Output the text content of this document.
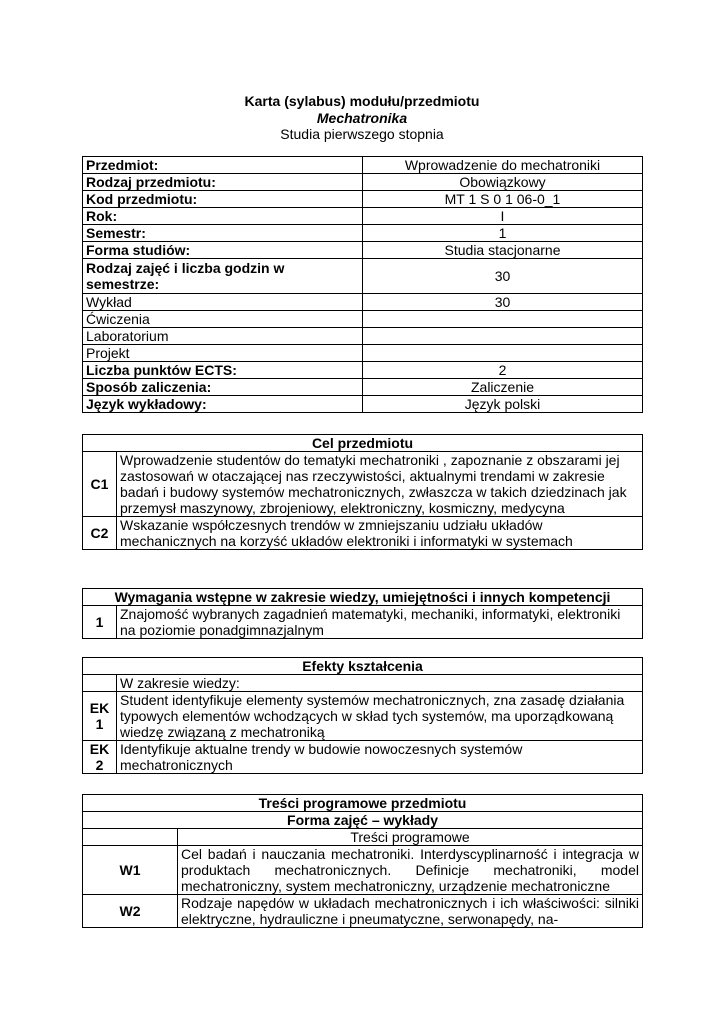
Karta (sylabus) modułu/przedmiotu
Mechatronika
Studia pierwszego stopnia
Przedmiot:	Wprowadzenie do mechatroniki
Rodzaj przedmiotu:	Obowiązkowy
Kod przedmiotu:	MT 1 S 0 1 06-0_1
Rok:	I
Semestr:	1
Forma studiów:	Studia stacjonarne
Rodzaj zajęć i liczba godzin w semestrze:	30
Wykład	30
Ćwiczenia	
Laboratorium	
Projekt	
Liczba punktów ECTS:	2
Sposób zaliczenia:	Zaliczenie
Język wykładowy:	Język polski
Cel przedmiotu	
C1	Wprowadzenie studentów do tematyki mechatroniki , zapoznanie z obszarami jej zastosowań w otaczającej nas rzeczywistości, aktualnymi trendami w zakresie badań i budowy systemów mechatronicznych, zwłaszcza w takich dziedzinach jak przemysł maszynowy, zbrojeniowy, elektroniczny, kosmiczny, medycyna
C2	Wskazanie współczesnych trendów w zmniejszaniu udziału układów mechanicznych na korzyść układów elektroniki i informatyki w systemach
Wymagania wstępne w zakresie wiedzy, umiejętności i innych kompetencji
1	Znajomość wybranych zagadnień matematyki, mechaniki, informatyki, elektroniki na poziomie ponadgimnazjalnym
Efekty kształcenia	
	W zakresie wiedzy:
EK 1	Student identyfikuje elementy systemów mechatronicznych, zna zasadę działania typowych elementów wchodzących w skład tych systemów, ma uporządkowaną wiedzę związaną z mechatroniką
EK 2	Identyfikuje aktualne trendy w budowie nowoczesnych systemów mechatronicznych
Treści programowe przedmiotu	
Forma zajęć – wykłady	
	Treści programowe
W1	Cel badań i nauczania mechatroniki. Interdyscyplinarność i integracja w produktach mechatronicznych. Definicje mechatroniki, model mechatroniczny, system mechatroniczny, urządzenie mechatroniczne
W2	Rodzaje napędów w układach mechatronicznych i ich właściwości: silniki elektryczne, hydrauliczne i pneumatyczne, serwonapędy, na-
